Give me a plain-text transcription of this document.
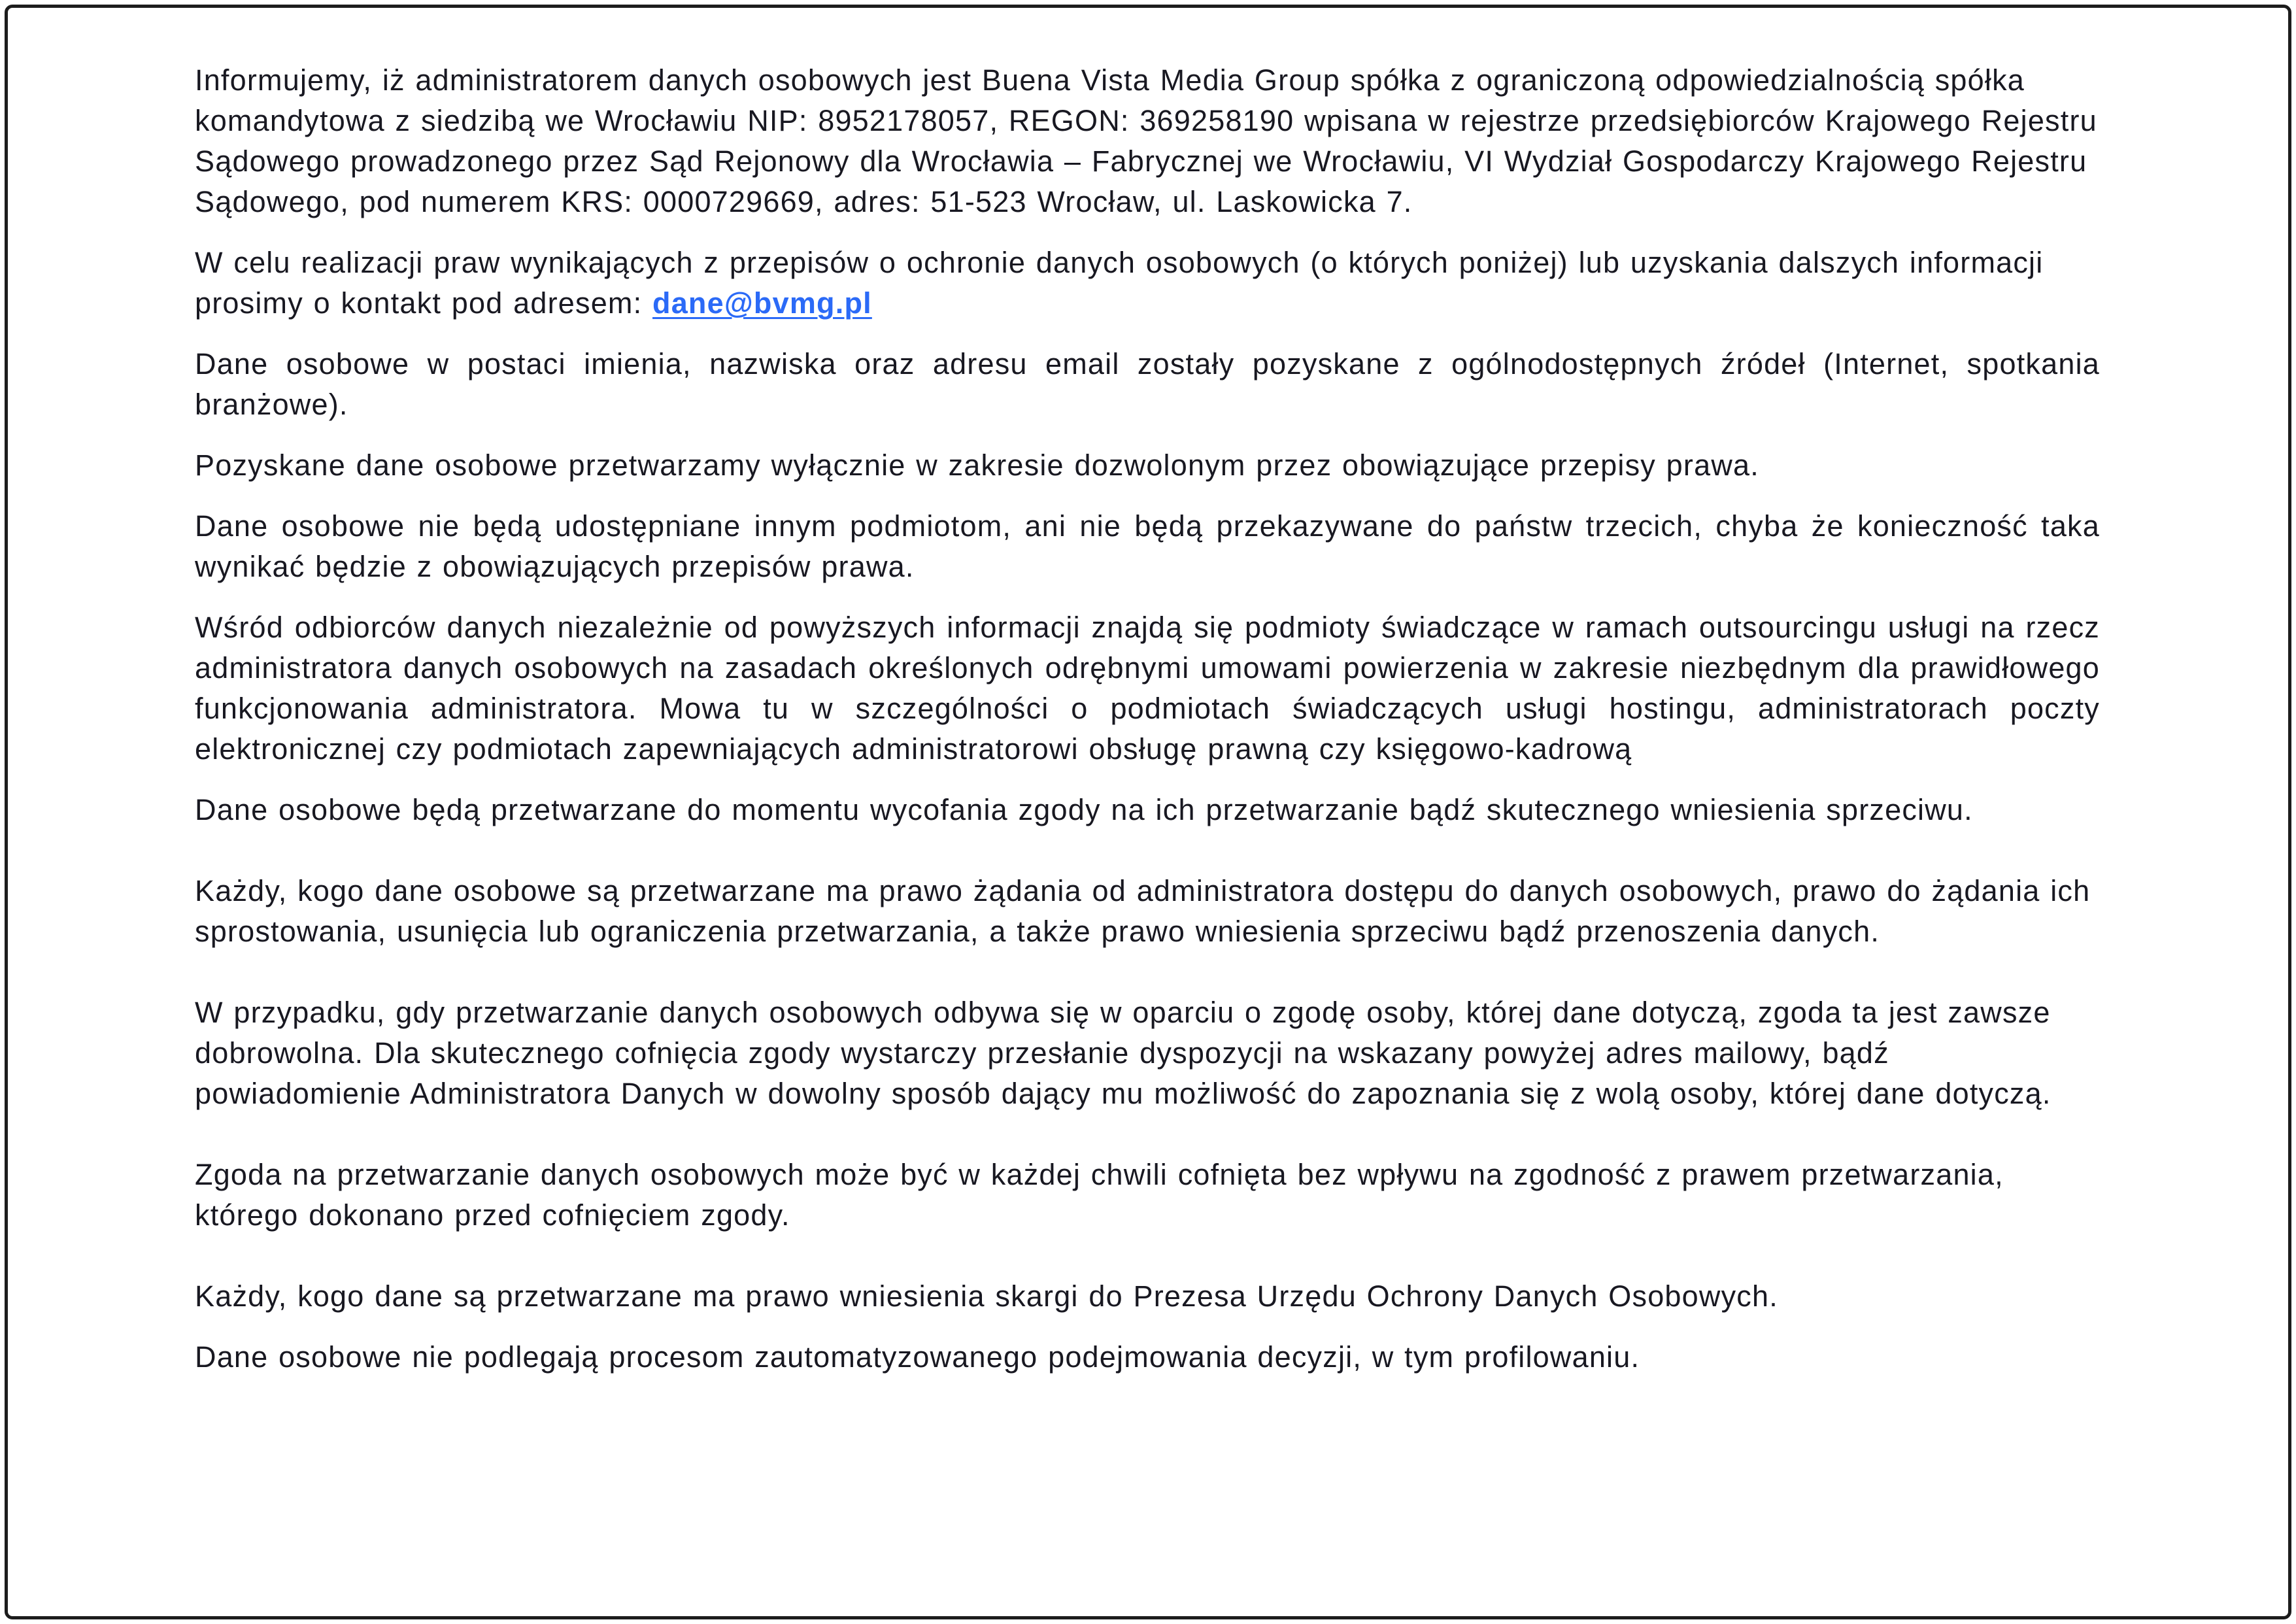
Informujemy, iż administratorem danych osobowych jest Buena Vista Media Group spółka z ograniczoną odpowiedzialnością spółka komandytowa z siedzibą we Wrocławiu NIP: 8952178057, REGON: 369258190 wpisana w rejestrze przedsiębiorców Krajowego Rejestru Sądowego prowadzonego przez Sąd Rejonowy dla Wrocławia – Fabrycznej we Wrocławiu, VI Wydział Gospodarczy Krajowego Rejestru Sądowego, pod numerem KRS: 0000729669, adres: 51-523 Wrocław, ul. Laskowicka 7.

W celu realizacji praw wynikających z przepisów o ochronie danych osobowych (o których poniżej) lub uzyskania dalszych informacji prosimy o kontakt pod adresem: dane@bvmg.pl

Dane osobowe w postaci imienia, nazwiska oraz adresu email zostały pozyskane z ogólnodostępnych źródeł (Internet, spotkania branżowe).

Pozyskane dane osobowe przetwarzamy wyłącznie w zakresie dozwolonym przez obowiązujące przepisy prawa.

Dane osobowe nie będą udostępniane innym podmiotom, ani nie będą przekazywane do państw trzecich, chyba że konieczność taka wynikać będzie z obowiązujących przepisów prawa.

Wśród odbiorców danych niezależnie od powyższych informacji znajdą się podmioty świadczące w ramach outsourcingu usługi na rzecz administratora danych osobowych na zasadach określonych odrębnymi umowami powierzenia w zakresie niezbędnym dla prawidłowego funkcjonowania administratora. Mowa tu w szczególności o podmiotach świadczących usługi hostingu, administratorach poczty elektronicznej czy podmiotach zapewniających administratorowi obsługę prawną czy księgowo-kadrową

Dane osobowe będą przetwarzane do momentu wycofania zgody na ich przetwarzanie bądź skutecznego wniesienia sprzeciwu.

Każdy, kogo dane osobowe są przetwarzane ma prawo żądania od administratora dostępu do danych osobowych, prawo do żądania ich sprostowania, usunięcia lub ograniczenia przetwarzania, a także prawo wniesienia sprzeciwu bądź przenoszenia danych.

W przypadku, gdy przetwarzanie danych osobowych odbywa się w oparciu o zgodę osoby, której dane dotyczą, zgoda ta jest zawsze dobrowolna. Dla skutecznego cofnięcia zgody wystarczy przesłanie dyspozycji na wskazany powyżej adres mailowy, bądź powiadomienie Administratora Danych w dowolny sposób dający mu możliwość do zapoznania się z wolą osoby, której dane dotyczą.

Zgoda na przetwarzanie danych osobowych może być w każdej chwili cofnięta bez wpływu na zgodność z prawem przetwarzania, którego dokonano przed cofnięciem zgody.

Każdy, kogo dane są przetwarzane ma prawo wniesienia skargi do Prezesa Urzędu Ochrony Danych Osobowych.

Dane osobowe nie podlegają procesom zautomatyzowanego podejmowania decyzji, w tym profilowaniu.
